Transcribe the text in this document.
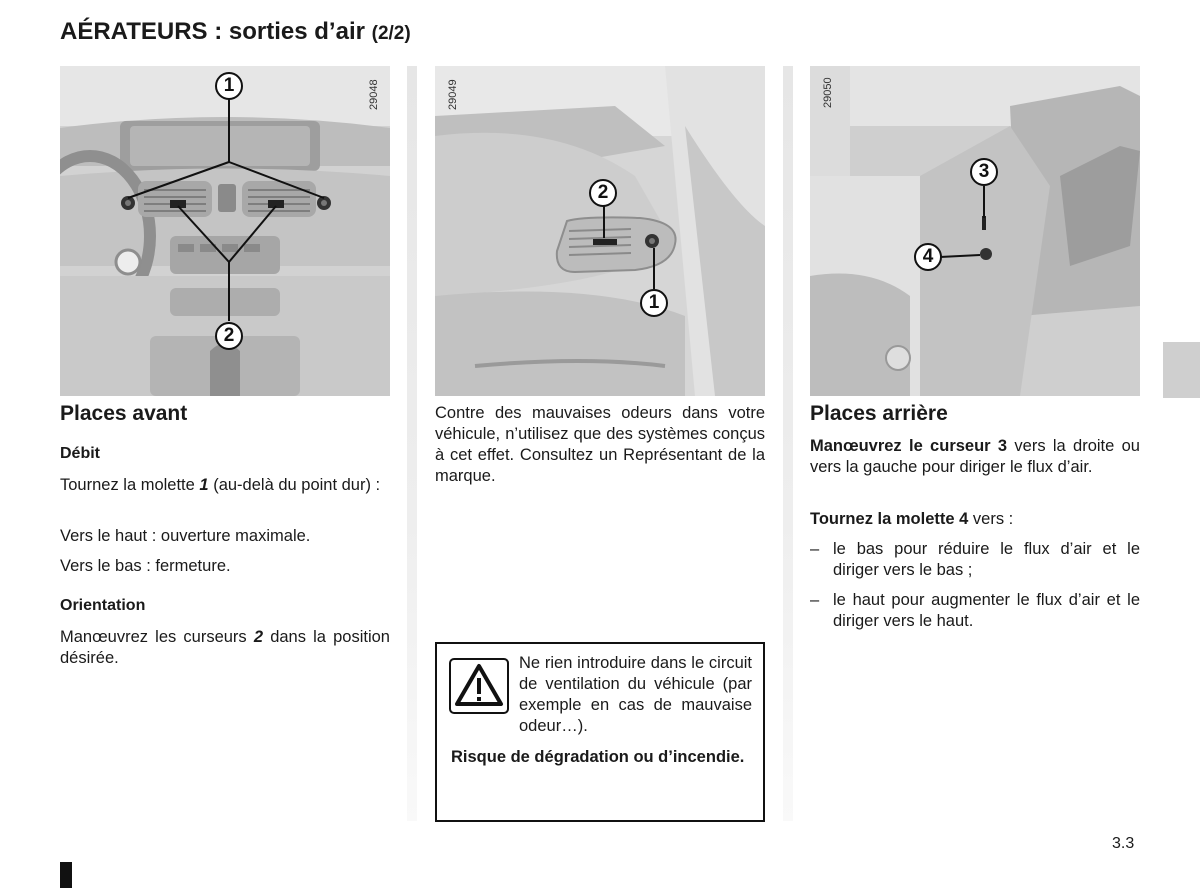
AÉRATEURS : sorties d’air (2/2)
1
2
29048
2
1
29049
3
4
29050
Places avant
Débit
Tournez la molette 1 (au-delà du point dur) :
Vers le haut : ouverture maximale.
Vers le bas : fermeture.
Orientation
Manœuvrez les curseurs 2 dans la position désirée.
Contre des mauvaises odeurs dans votre véhicule, n’utilisez que des systèmes conçus à cet effet. Consultez un Représentant de la marque.
Ne rien introduire dans le circuit de ventilation du véhicule (par exemple en cas de mauvaise odeur…).
Risque de dégradation ou d’incendie.
Places arrière
Manœuvrez le curseur 3 vers la droite ou vers la gauche pour diriger le flux d’air.
Tournez la molette 4 vers :
– le bas pour réduire le flux d’air et le diriger vers le bas ;
– le haut pour augmenter le flux d’air et le diriger vers le haut.
3.3
